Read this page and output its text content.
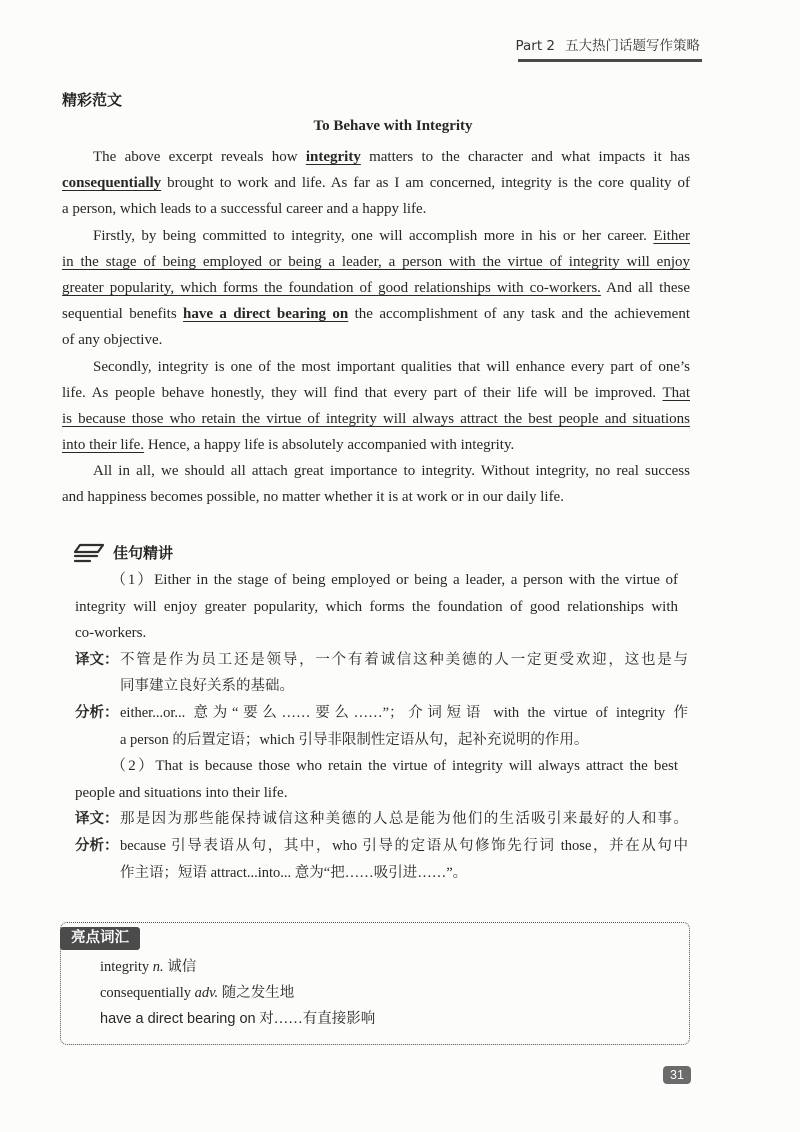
Part 2 五大热门话题写作策略
精彩范文
To Behave with Integrity
The above excerpt reveals how integrity matters to the character and what impacts it has
consequentially brought to work and life. As far as I am concerned, integrity is the core quality of
a person, which leads to a successful career and a happy life.
Firstly, by being committed to integrity, one will accomplish more in his or her career. Either
in the stage of being employed or being a leader, a person with the virtue of integrity will enjoy
greater popularity, which forms the foundation of good relationships with co-workers. And all these
sequential benefits have a direct bearing on the accomplishment of any task and the achievement
of any objective.
Secondly, integrity is one of the most important qualities that will enhance every part of one’s
life. As people behave honestly, they will find that every part of their life will be improved. That
is because those who retain the virtue of integrity will always attract the best people and situations
into their life. Hence, a happy life is absolutely accompanied with integrity.
All in all, we should all attach great importance to integrity. Without integrity, no real success
and happiness becomes possible, no matter whether it is at work or in our daily life.
佳句精讲
（1）Either in the stage of being employed or being a leader, a person with the virtue of
integrity will enjoy greater popularity, which forms the foundation of good relationships with
co-workers.
译文： 不管是作为员工还是领导，一个有着诚信这种美德的人一定更受欢迎，这也是与
同事建立良好关系的基础。
分析： either...or... 意为“要么……要么……”；介词短语 with the virtue of integrity 作
a person 的后置定语；which 引导非限制性定语从句，起补充说明的作用。
（2）That is because those who retain the virtue of integrity will always attract the best
people and situations into their life.
译文： 那是因为那些能保持诚信这种美德的人总是能为他们的生活吸引来最好的人和事。
分析： because 引导表语从句，其中，who 引导的定语从句修饰先行词 those，并在从句中
作主语；短语 attract...into... 意为“把……吸引进……”。
亮点词汇
integrity n. 诚信
consequentially adv. 随之发生地
have a direct bearing on 对……有直接影响
31
